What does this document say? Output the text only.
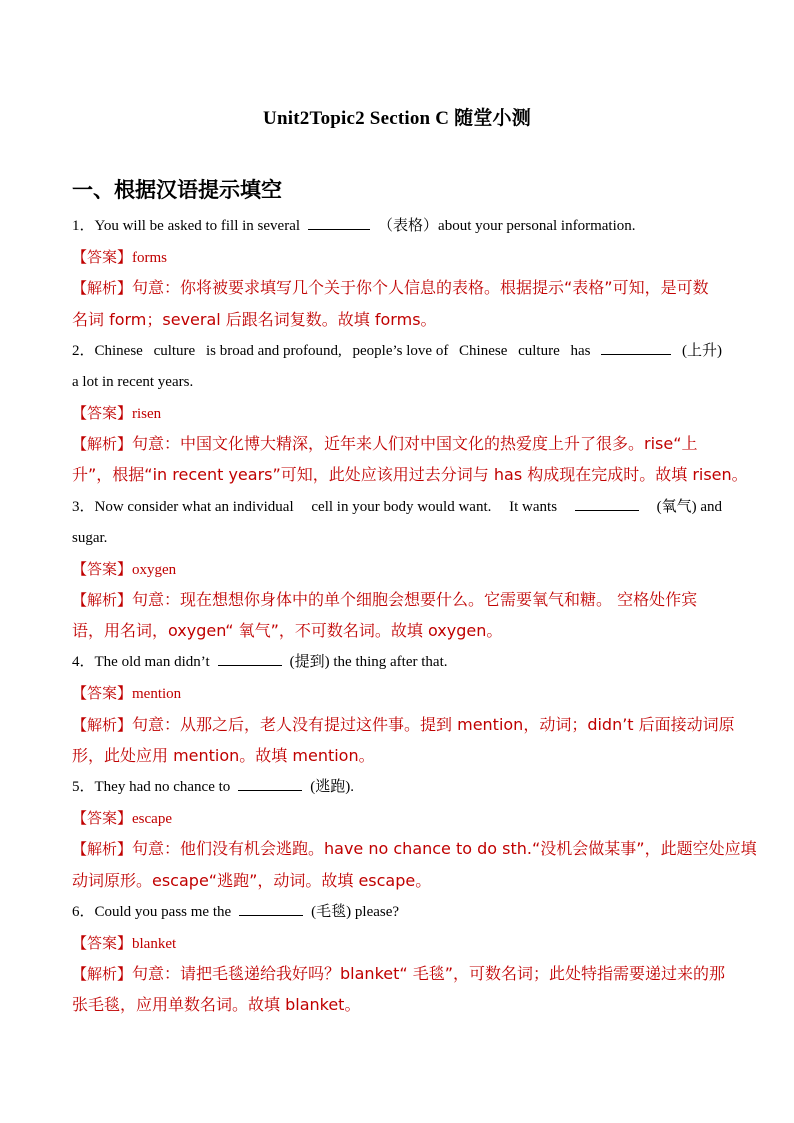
Unit2Topic2 Section C 随堂小测
一、根据汉语提示填空
1．You will be asked to fill in several	（表格）about your personal information.
【答案】forms
【解析】句意：你将被要求填写几个关于你个人信息的表格。根据提示“表格”可知，是可数
名词 form；several 后跟名词复数。故填 forms。
2．Chinese culture is broad and profound, people’s love of Chinese culture has	(上升)
a lot in recent years.
【答案】risen
【解析】句意：中国文化博大精深，近年来人们对中国文化的热爱度上升了很多。rise“上
升”，根据“in recent years”可知，此处应该用过去分词与 has 构成现在完成时。故填 risen。
3．Now consider what an individual cell in your body would want. It wants	(氧气) and
sugar.
【答案】oxygen
【解析】句意：现在想想你身体中的单个细胞会想要什么。它需要氧气和糖。 空格处作宾
语，用名词，oxygen“ 氧气”，不可数名词。故填 oxygen。
4．The old man didn’t	(提到) the thing after that.
【答案】mention
【解析】句意：从那之后，老人没有提过这件事。提到 mention，动词；didn’t 后面接动词原
形，此处应用 mention。故填 mention。
5．They had no chance to	(逃跑).
【答案】escape
【解析】句意：他们没有机会逃跑。have no chance to do sth.“没机会做某事”，此题空处应填
动词原形。escape“逃跑”，动词。故填 escape。
6．Could you pass me the	(毛毯) please?
【答案】blanket
【解析】句意：请把毛毯递给我好吗？blanket“ 毛毯”，可数名词；此处特指需要递过来的那
张毛毯，应用单数名词。故填 blanket。
